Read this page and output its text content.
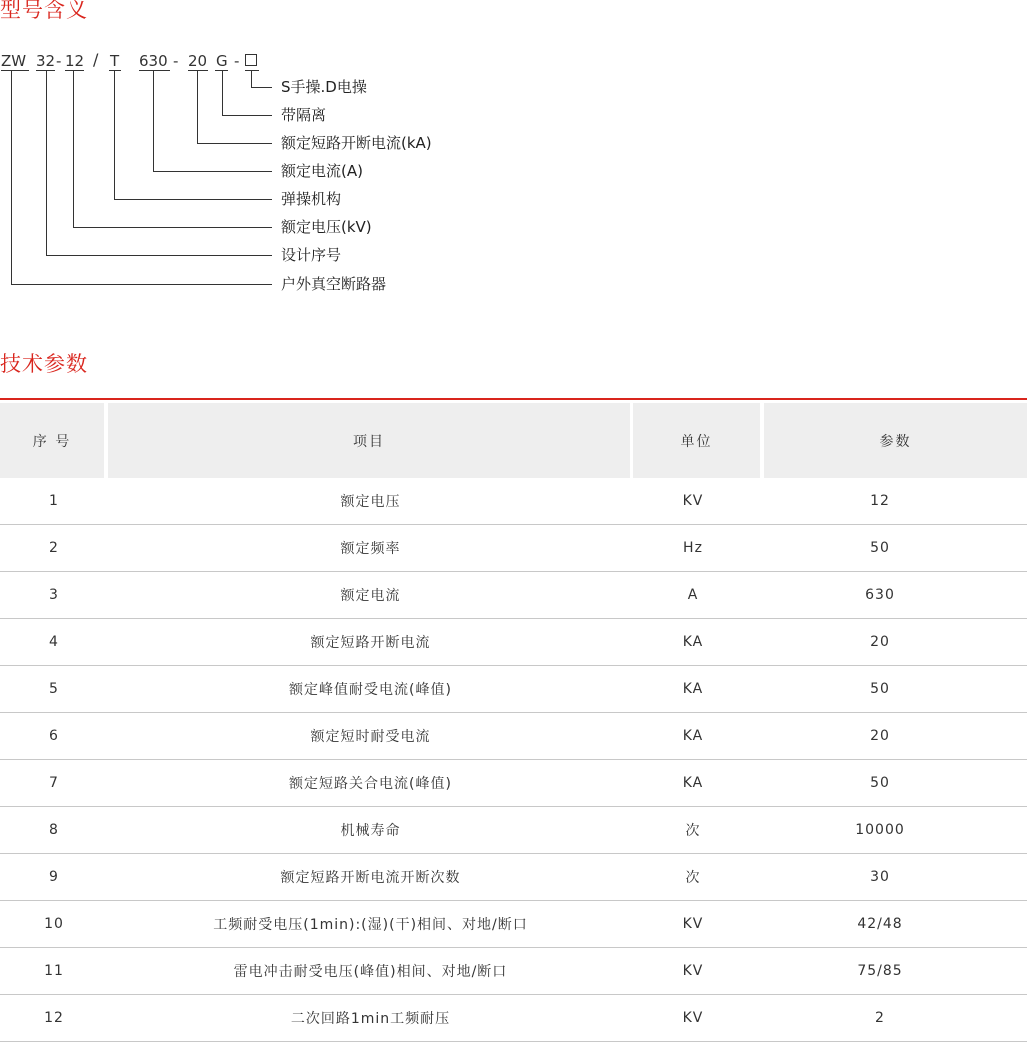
型号含义
ZW 32 - 12 / T 630 - 20 G -
S手操.D电操
带隔离
额定短路开断电流(kA)
额定电流(A)
弹操机构
额定电压(kV)
设计序号
户外真空断路器
技术参数
序 号	项目	单位	参数
1	额定电压	KV	12
2	额定频率	Hz	50
3	额定电流	A	630
4	额定短路开断电流	KA	20
5	额定峰值耐受电流(峰值)	KA	50
6	额定短时耐受电流	KA	20
7	额定短路关合电流(峰值)	KA	50
8	机械寿命	次	10000
9	额定短路开断电流开断次数	次	30
10	工频耐受电压(1min):(湿)(干)相间、对地/断口	KV	42/48
11	雷电冲击耐受电压(峰值)相间、对地/断口	KV	75/85
12	二次回路1min工频耐压	KV	2
